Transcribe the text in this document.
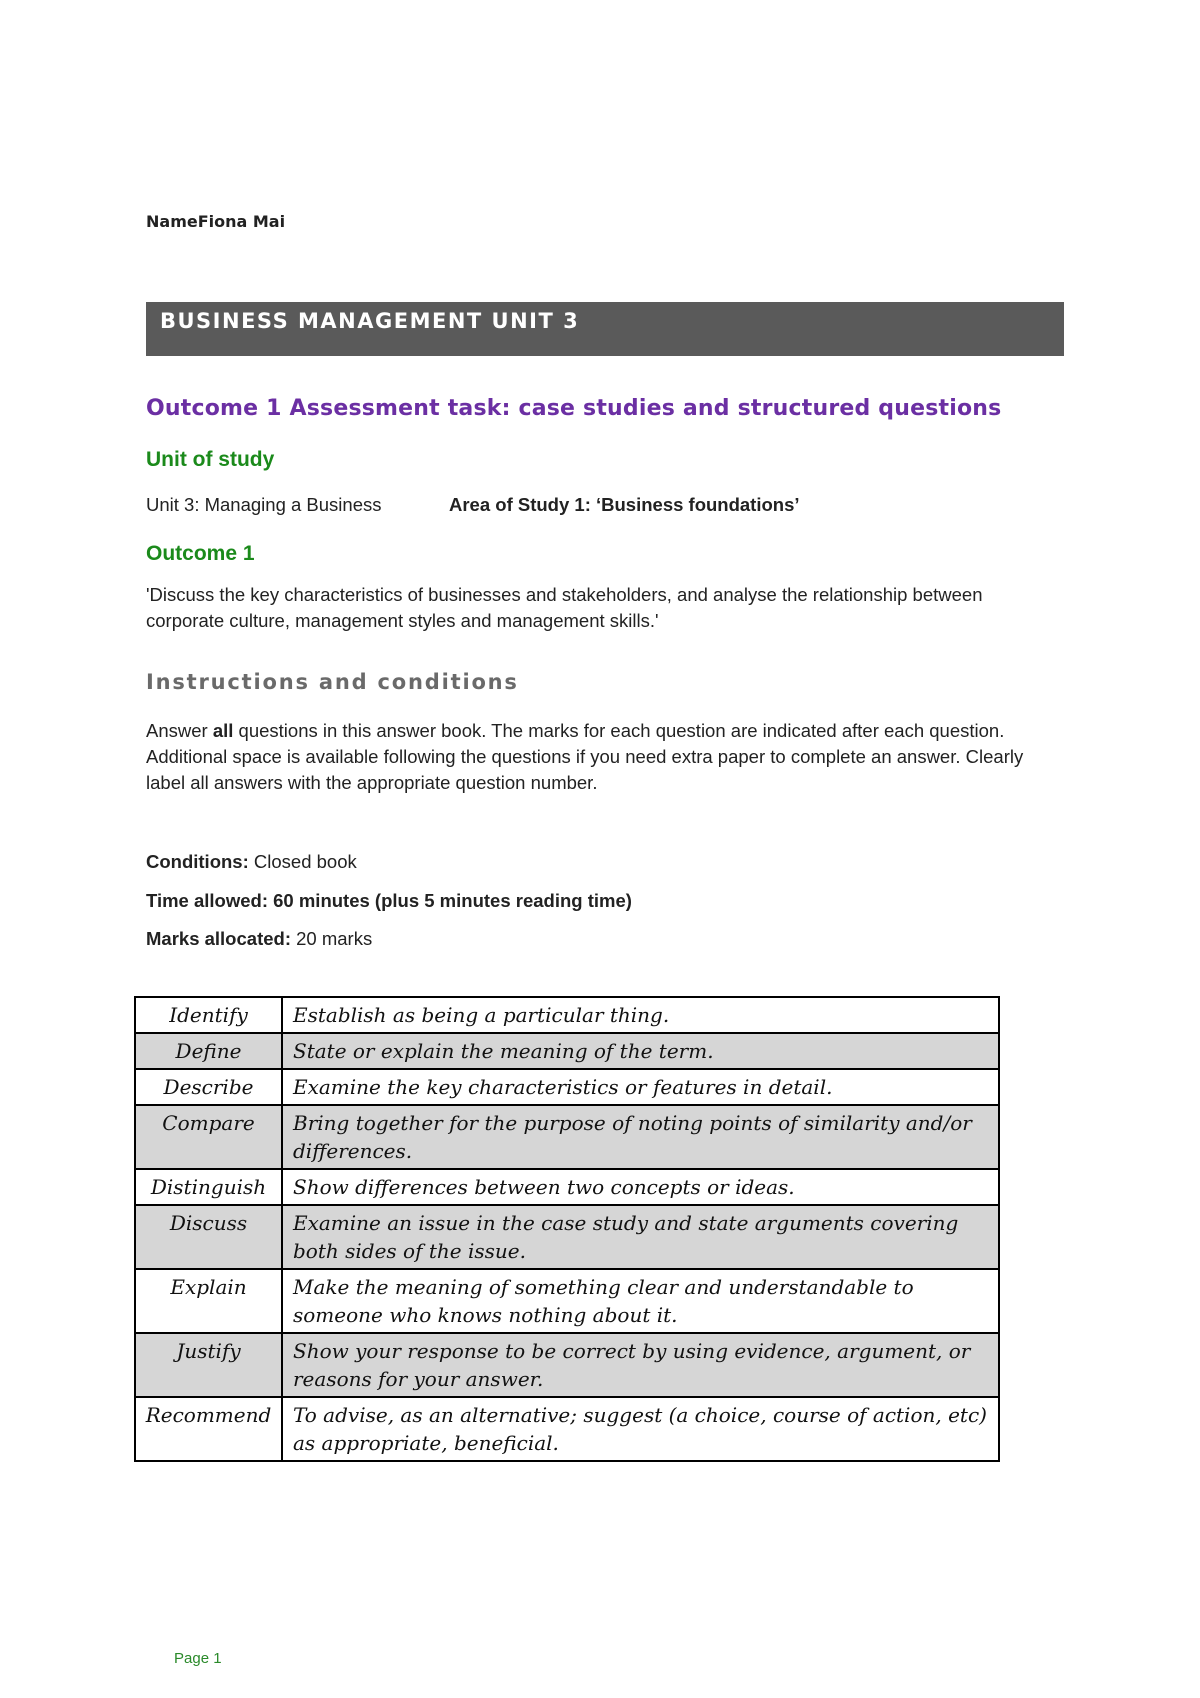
NameFiona Mai
BUSINESS MANAGEMENT UNIT 3
Outcome 1 Assessment task: case studies and structured questions
Unit of study
Unit 3: Managing a Business	Area of Study 1: ‘Business foundations’
Outcome 1
'Discuss the key characteristics of businesses and stakeholders, and analyse the relationship between corporate culture, management styles and management skills.'
Instructions and conditions
Answer all questions in this answer book. The marks for each question are indicated after each question. Additional space is available following the questions if you need extra paper to complete an answer. Clearly label all answers with the appropriate question number.
Conditions: Closed book
Time allowed: 60 minutes (plus 5 minutes reading time)
Marks allocated: 20 marks
Identify	Establish as being a particular thing.
Define	State or explain the meaning of the term.
Describe	Examine the key characteristics or features in detail.
Compare	Bring together for the purpose of noting points of similarity and/or differences.
Distinguish	Show differences between two concepts or ideas.
Discuss	Examine an issue in the case study and state arguments covering both sides of the issue.
Explain	Make the meaning of something clear and understandable to someone who knows nothing about it.
Justify	Show your response to be correct by using evidence, argument, or reasons for your answer.
Recommend	To advise, as an alternative; suggest (a choice, course of action, etc) as appropriate, beneficial.
Page 1
